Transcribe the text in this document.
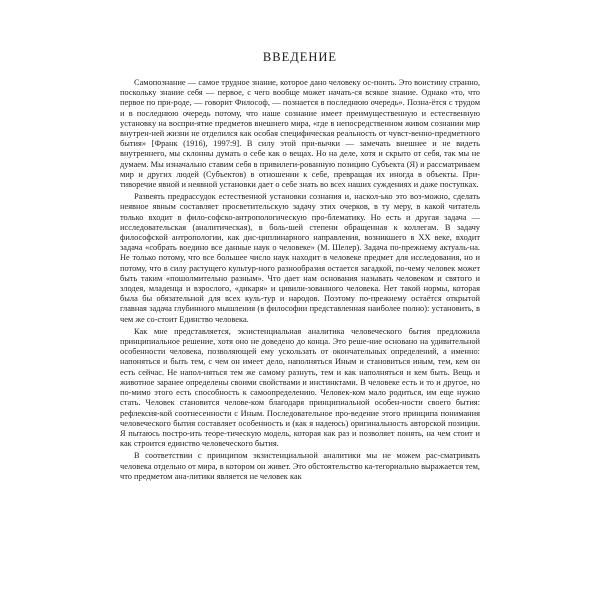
ВВЕДЕНИЕ

Самопознание — самое трудное знание, которое дано человеку ос-понть. Это воистину странно, поскольку знание себя — первое, с чего вообще может начать-ся всякое знание. Однако «то, что первое по при-роде, — говорит Философ, — познается в последнюю очередь». Позна-ётся с трудом и в последнюю очередь потому, что наше сознание имеет преимущественную и естественную установку на воспри-ятие предметов внешнего мира, «где в непосредственном живом сознании мир внутрен-ней жизни не отделился как особая специфическая реальность от чувст-венно-предметного бытия» [Франк (1916), 1997:9]. В силу этой при-вычки — замечать внешнее и не видеть внутреннего, мы склонны думать о себе как о вещах. Но на деле, хотя и скрыто от себя, так мы не думаем. Мы изначально ставим себя в привилеги-рованную позицию Субъекта (Я) и рассматриваем мир и других людей (Субъектов) в отношении к себе, превращая их иногда в объекты. При-тиворечие явной и неявной установки дает о себе знать во всех наших суждениях и даже поступках.

Развеять предрассудок естественной установки сознания и, наскол-ько это воз-можно, сделать неявное явным составляет просветительскую задачу этих очерков, в ту меру, в какой читатель только входит в фило-софско-антропологическую про-блематику. Но есть и другая задача — исследовательская (аналитическая), в боль-шей степени обращенная к коллегам. В задачу философской антропологии, как дис-циплинарного направления, возникшего в XX веке, входит задача «собрать воедино все данные наук о человеке» (М. Шелер). Задача по-прежнему актуаль-на. Не только потому, что все большее число наук находит в человеке предмет для исследования, но и потому, что в силу растущего культур-ного разнообразия остается загадкой, по-чему человек может быть таким «пошолмительно разным». Что дает нам основания называть человеком и святого и злодея, младенца и взрослого, «дикаря» и цивили-зованного человека. Нет такой нормы, которая была бы обязательной для всех куль-тур и народов. Поэтому по-прежнему остаётся открытой главная задача глубинного мышления (в философии представленная наиболее полно): установить, в чем же со-стоит Единство человека.

Как мне представляется, экзистенциальная аналитика человеческого бытия предложила принципиальное решение, хотя оно не доведено до конца. Это реше-ние основано на удивительной особенности человека, позволяющей ему ускользать от окончательных определений, а именно: напоняться и быть тем, с чем он имеет дело, наполняться Иным и становиться иным, тем, кем он есть сейчас. Не напол-няться тем же самому разнуть, тем и как наполняться и кем быть. Вещь и животное заранее определены своими свойствами и инстинктами. В человеке есть и то и другое, но по-мимо этого есть способность к самоопределению. Человек-ком мало родиться, им еще нужно стать. Человек становится челове-ком благодаря принципиальной особен-ности своего бытия: рефлексия-кой соотнесенности с Иным. Последовательное про-ведение этого принципа понимания человеческого бытия составляет особенность и (как я надеюсь) оригинальность авторской позиции. Я пытаюсь постро-ить теоре-тическую модель, которая как раз и позволяет понять, на чем стоит и как строится единство человеческого бытия.

В соответствии с принципом экзистенциальной аналитики мы не можем рас-сматривать человека отдельно от мира, в котором он живет. Это обстоятельство ка-тегориально выражается тем, что предметом ана-литики является не человек как
